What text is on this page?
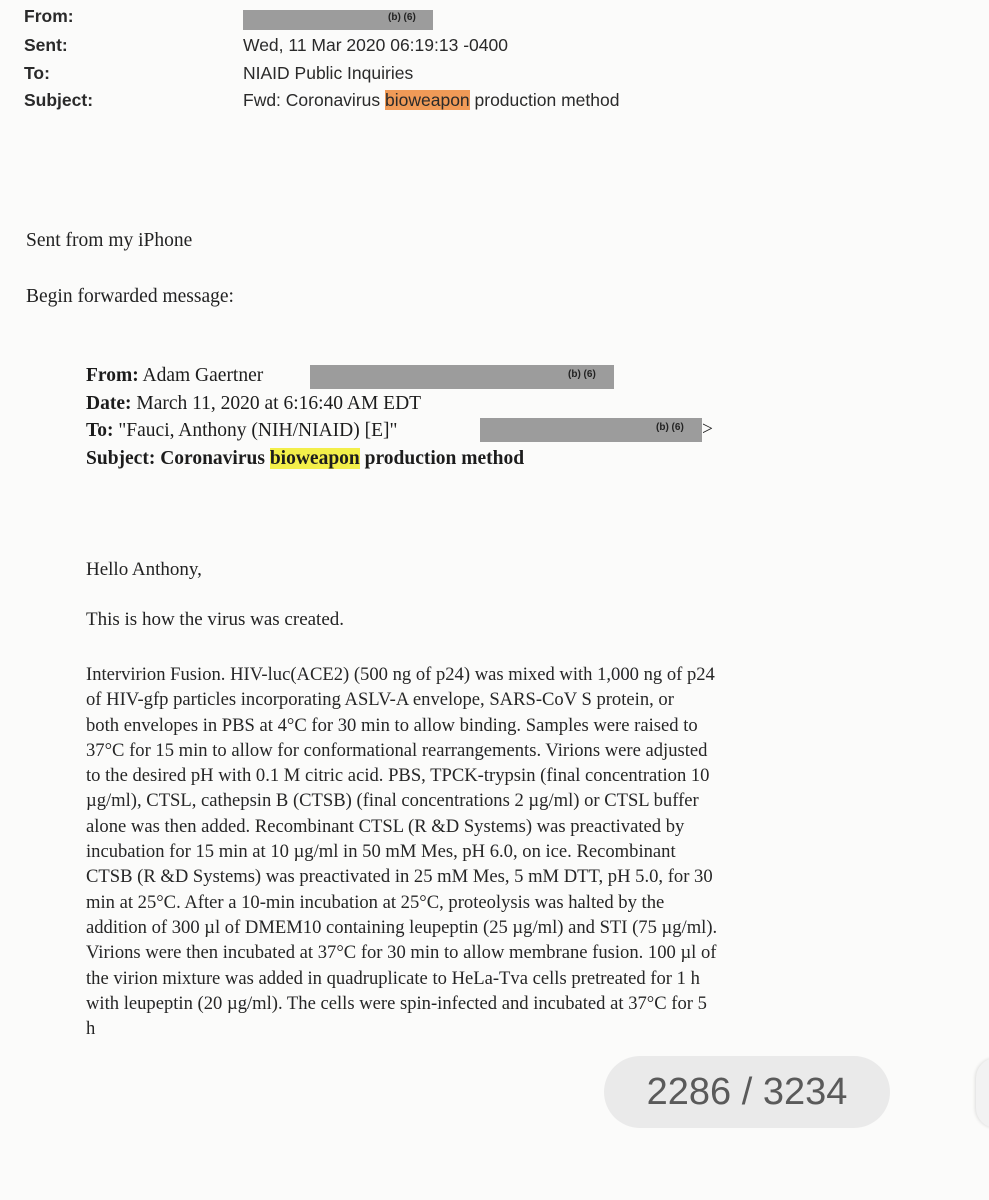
From:	(b) (6)
Sent:	Wed, 11 Mar 2020 06:19:13 -0400
To:	NIAID Public Inquiries
Subject:	Fwd: Coronavirus bioweapon production method
Sent from my iPhone
Begin forwarded message:
From: Adam Gaertner	(b) (6)
Date: March 11, 2020 at 6:16:40 AM EDT
To: "Fauci, Anthony (NIH/NIAID) [E]"	(b) (6) >
Subject: Coronavirus bioweapon production method
Hello Anthony,
This is how the virus was created.
Intervirion Fusion. HIV-luc(ACE2) (500 ng of p24) was mixed with 1,000 ng of p24
of HIV-gfp particles incorporating ASLV-A envelope, SARS-CoV S protein, or
both envelopes in PBS at 4°C for 30 min to allow binding. Samples were raised to
37°C for 15 min to allow for conformational rearrangements. Virions were adjusted
to the desired pH with 0.1 M citric acid. PBS, TPCK-trypsin (final concentration 10
µg/ml), CTSL, cathepsin B (CTSB) (final concentrations 2 µg/ml) or CTSL buffer
alone was then added. Recombinant CTSL (R &D Systems) was preactivated by
incubation for 15 min at 10 µg/ml in 50 mM Mes, pH 6.0, on ice. Recombinant
CTSB (R &D Systems) was preactivated in 25 mM Mes, 5 mM DTT, pH 5.0, for 30
min at 25°C. After a 10-min incubation at 25°C, proteolysis was halted by the
addition of 300 µl of DMEM10 containing leupeptin (25 µg/ml) and STI (75 µg/ml).
Virions were then incubated at 37°C for 30 min to allow membrane fusion. 100 µl of
the virion mixture was added in quadruplicate to HeLa-Tva cells pretreated for 1 h
with leupeptin (20 µg/ml). The cells were spin-infected and incubated at 37°C for 5
h
2286 / 3234
